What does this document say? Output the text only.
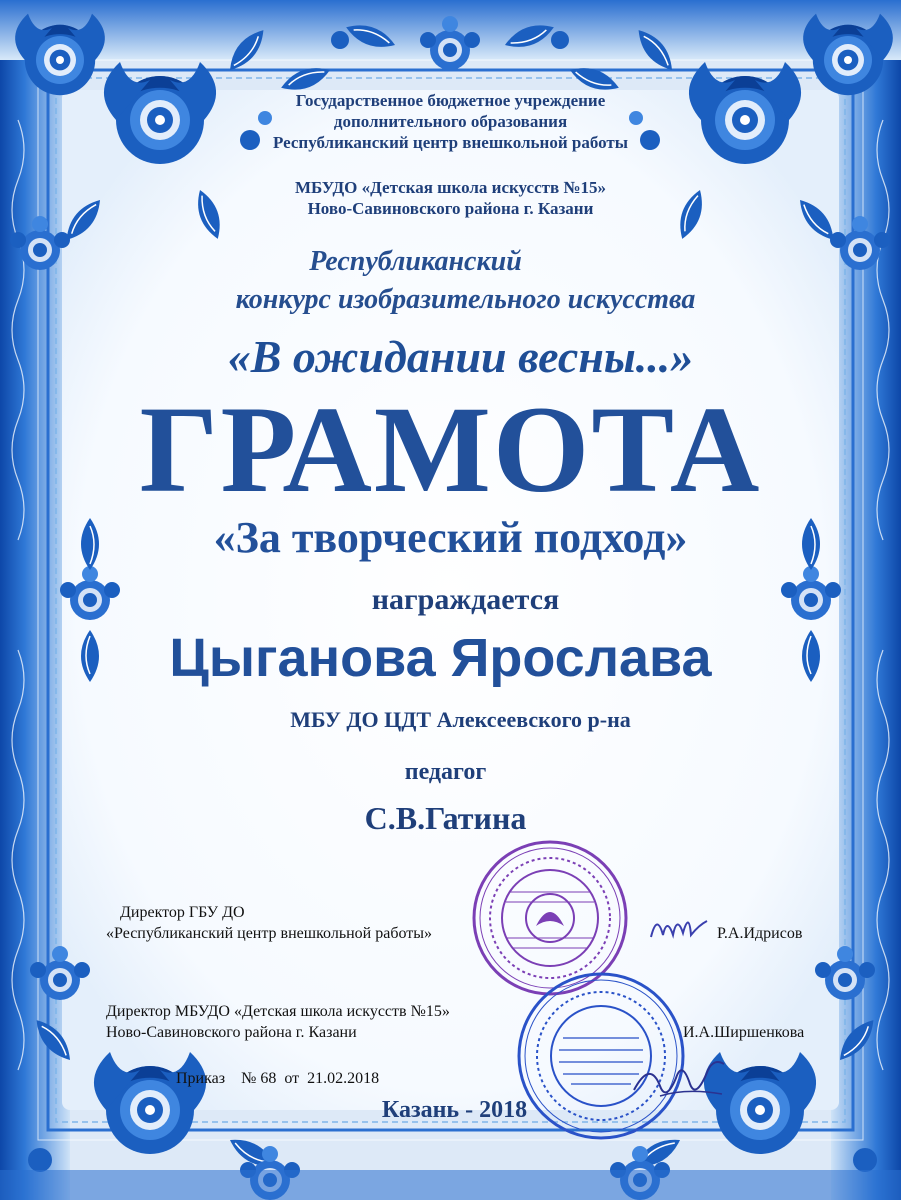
Государственное бюджетное учреждение
дополнительного образования
Республиканский центр внешкольной работы
МБУДО «Детская школа искусств №15»
Ново-Савиновского района г. Казани
Республиканский
конкурс изобразительного искусства
«В ожидании весны...»
ГРАМОТА
«За творческий подход»
награждается
Цыганова Ярослава
МБУ ДО ЦДТ Алексеевского р-на
педагог
С.В.Гатина
Директор ГБУ ДО
«Республиканский центр внешкольной работы»	Р.А.Идрисов
Директор МБУДО «Детская школа искусств №15»
Ново-Савиновского района г. Казани	И.А.Ширшенкова
Приказ № 68 от 21.02.2018
Казань - 2018
